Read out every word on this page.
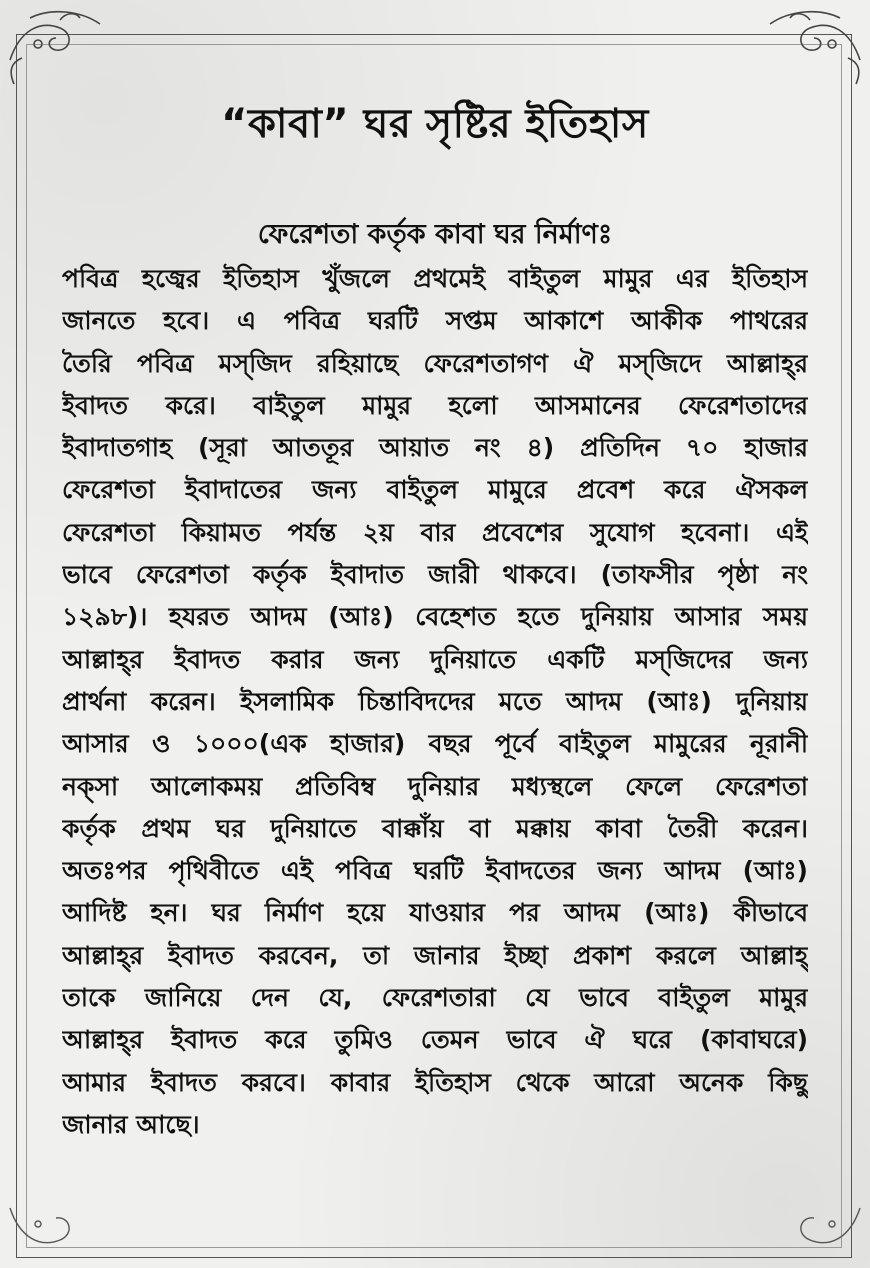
“কাবা” ঘর সৃষ্টির ইতিহাস
ফেরেশতা কর্তৃক কাবা ঘর নির্মাণঃ
পবিত্র হজ্বের ইতিহাস খুঁজলে প্রথমেই বাইতুল মামুর এর ইতিহাস
জানতে হবে। এ পবিত্র ঘরটি সপ্তম আকাশে আকীক পাথরের
তৈরি পবিত্র মস্‌জিদ রহিয়াছে ফেরেশতাগণ ঐ মস্‌জিদে আল্লাহ্‌র
ইবাদত করে। বাইতুল মামুর হলো আসমানের ফেরেশতাদের
ইবাদাতগাহ (সূরা আততূর আয়াত নং ৪) প্রতিদিন ৭০ হাজার
ফেরেশতা ইবাদাতের জন্য বাইতুল মামুরে প্রবেশ করে ঐসকল
ফেরেশতা কিয়ামত পর্যন্ত ২য় বার প্রবেশের সুযোগ হবেনা। এই
ভাবে ফেরেশতা কর্তৃক ইবাদাত জারী থাকবে। (তাফসীর পৃষ্ঠা নং
১২৯৮)। হযরত আদম (আঃ) বেহেশত হতে দুনিয়ায় আসার সময়
আল্লাহ্‌র ইবাদত করার জন্য দুনিয়াতে একটি মস্‌জিদের জন্য
প্রার্থনা করেন। ইসলামিক চিন্তাবিদদের মতে আদম (আঃ) দুনিয়ায়
আসার ও ১০০০(এক হাজার) বছর পূর্বে বাইতুল মামুরের নূরানী
নক্‌সা আলোকময় প্রতিবিম্ব দুনিয়ার মধ্যস্থলে ফেলে ফেরেশতা
কর্তৃক প্রথম ঘর দুনিয়াতে বাক্কাঁয় বা মক্কায় কাবা তৈরী করেন।
অতঃপর পৃথিবীতে এই পবিত্র ঘরটি ইবাদতের জন্য আদম (আঃ)
আদিষ্ট হন। ঘর নির্মাণ হয়ে যাওয়ার পর আদম (আঃ) কীভাবে
আল্লাহ্‌র ইবাদত করবেন, তা জানার ইচ্ছা প্রকাশ করলে আল্লাহ্‌
তাকে জানিয়ে দেন যে, ফেরেশতারা যে ভাবে বাইতুল মামুর
আল্লাহ্‌র ইবাদত করে তুমিও তেমন ভাবে ঐ ঘরে (কাবাঘরে)
আমার ইবাদত করবে। কাবার ইতিহাস থেকে আরো অনেক কিছু
জানার আছে।
